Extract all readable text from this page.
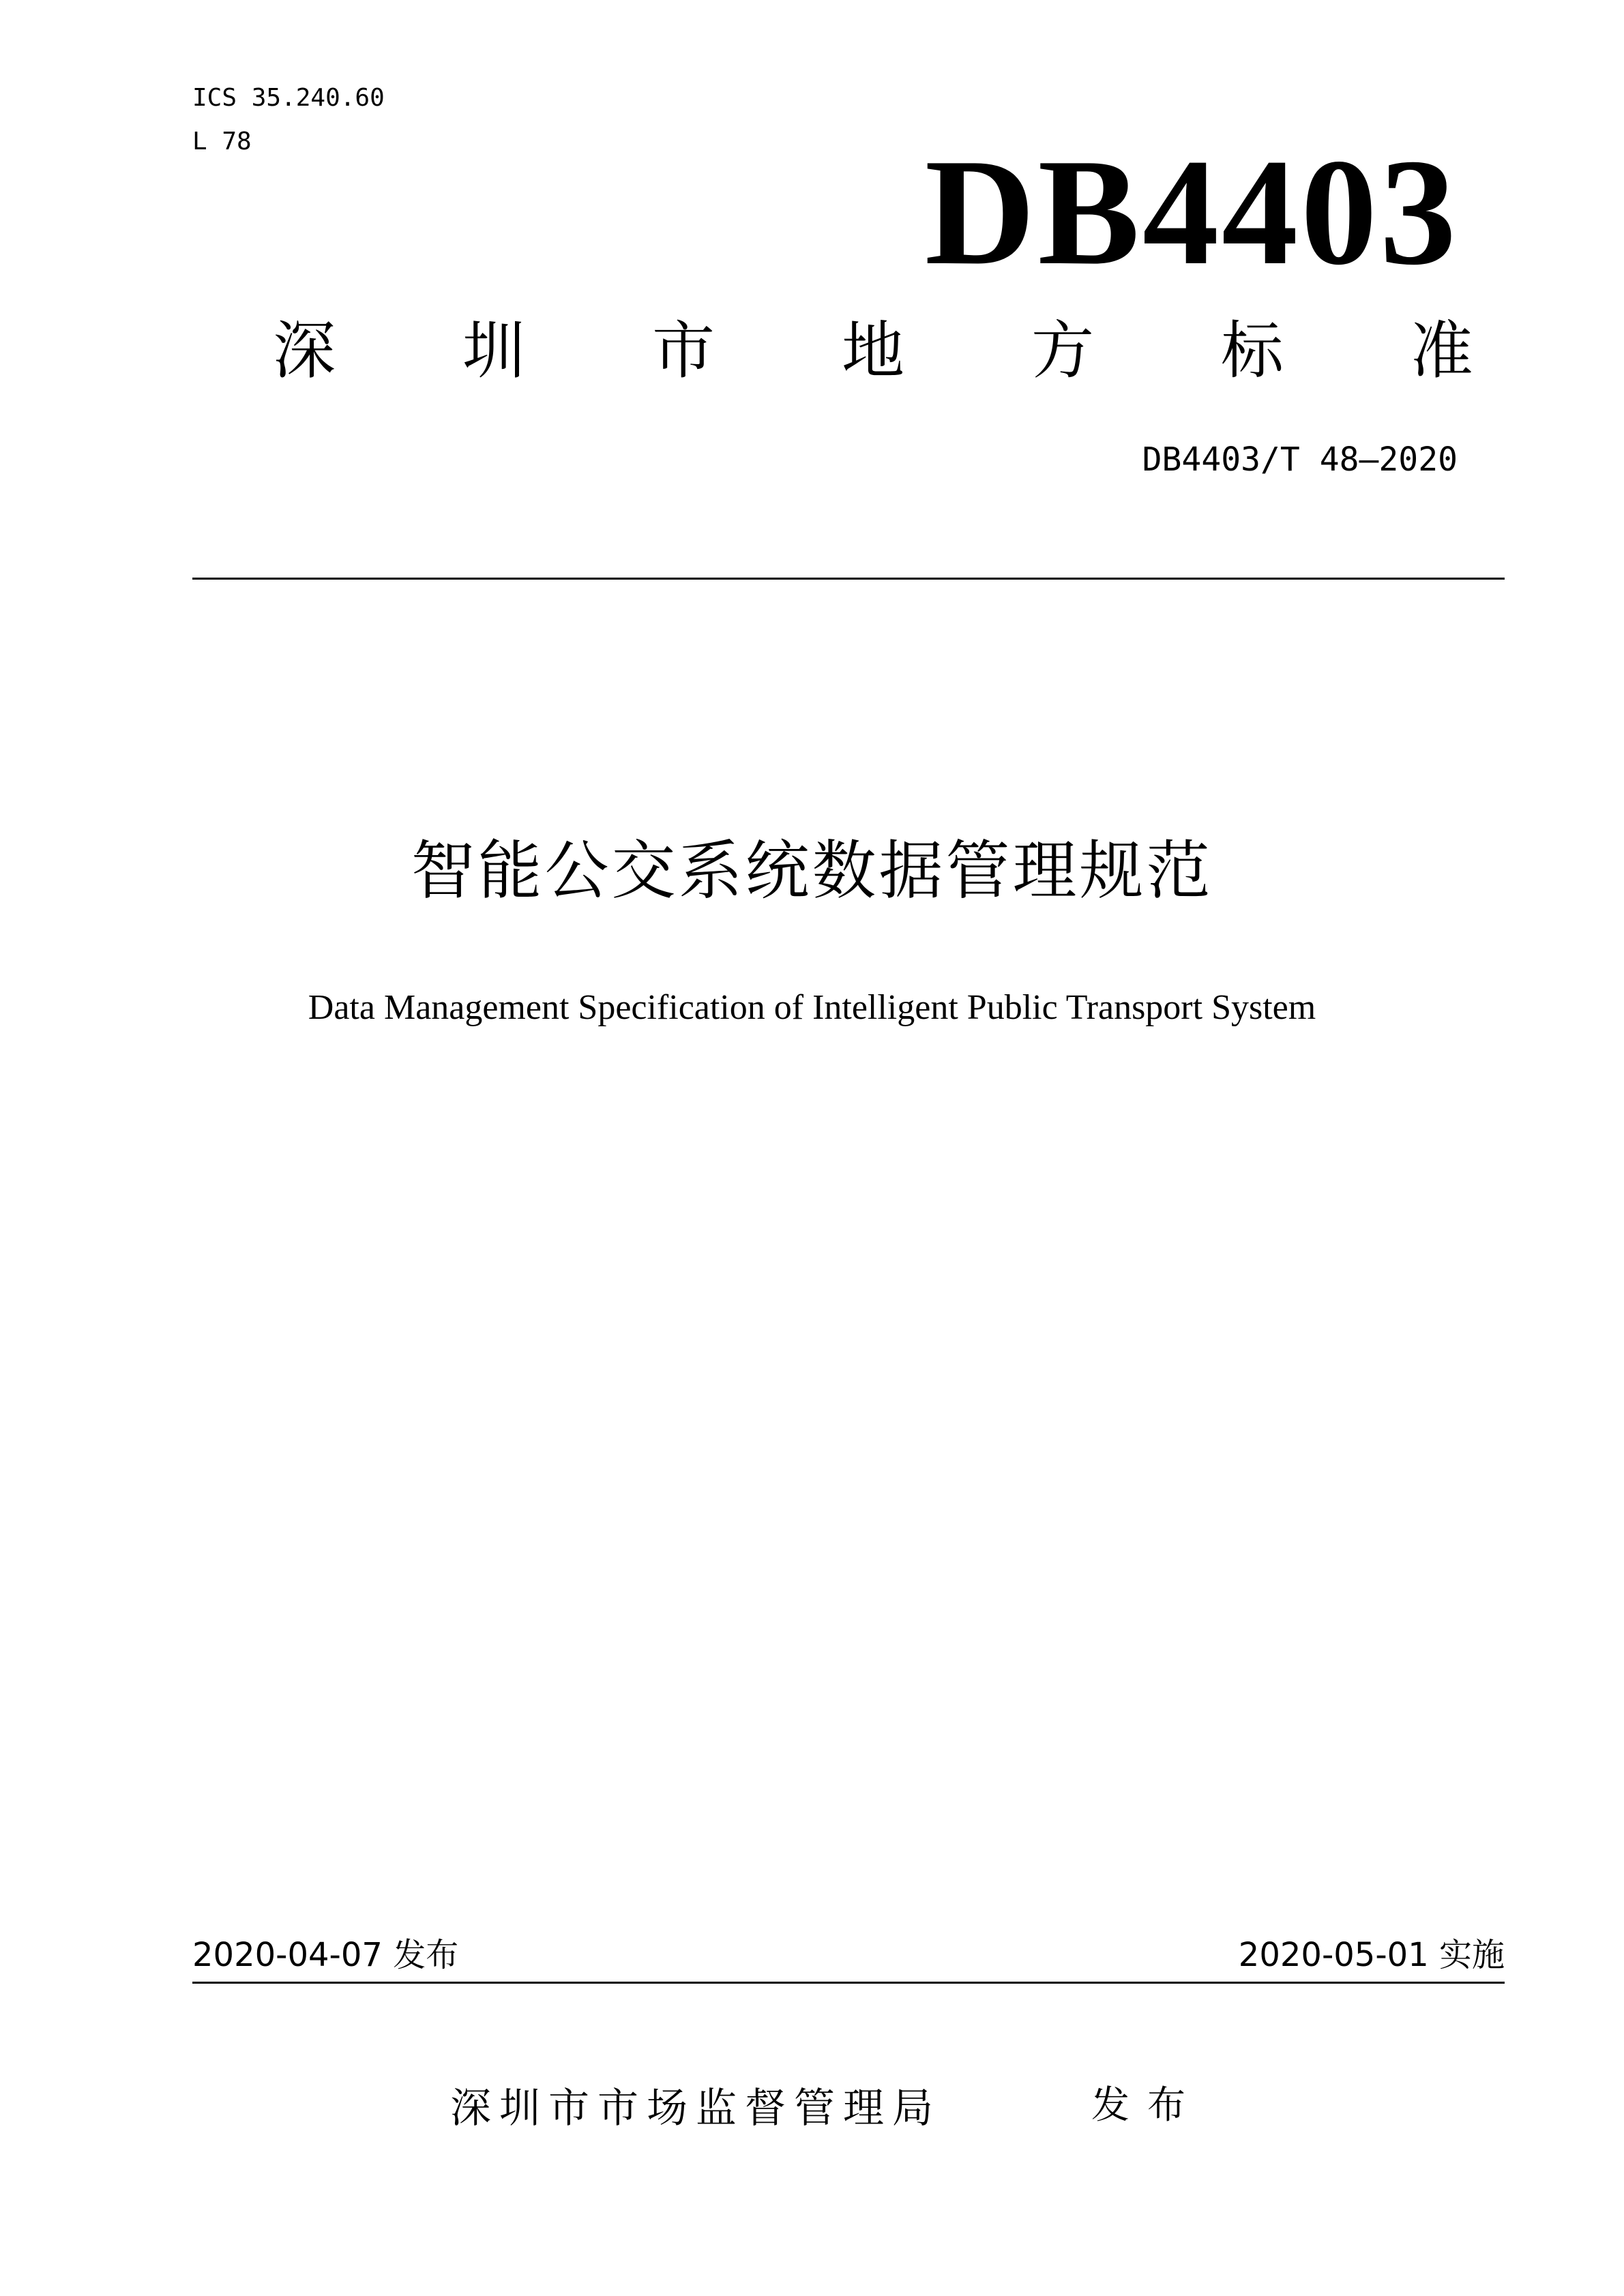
ICS 35.240.60
L 78	DB4403
深 圳 市 地 方 标 准
DB4403/T 48—2020
智能公交系统数据管理规范
Data Management Specification of Intelligent Public Transport System
2020-04-07 发布	2020-05-01 实施
深圳市市场监督管理局	发布
